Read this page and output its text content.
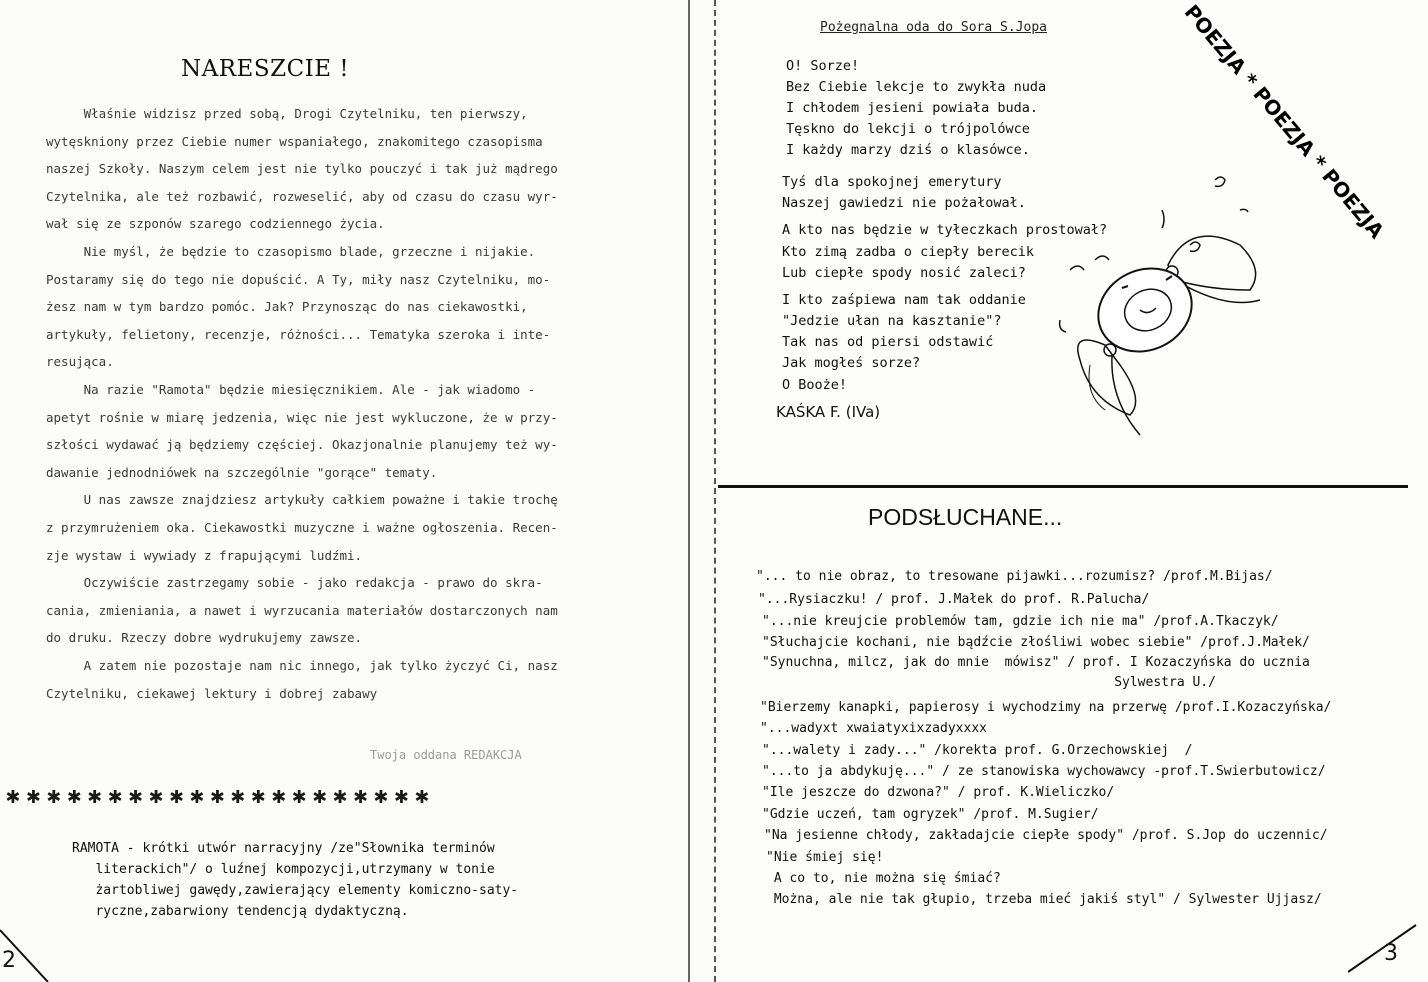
NARESZCIE !
Właśnie widzisz przed sobą, Drogi Czytelniku, ten pierwszy,
wytęskniony przez Ciebie numer wspaniałego, znakomitego czasopisma
naszej Szkoły. Naszym celem jest nie tylko pouczyć i tak już mądrego
Czytelnika, ale też rozbawić, rozweselić, aby od czasu do czasu wyr-
wał się ze szponów szarego codziennego życia.
Nie myśl, że będzie to czasopismo blade, grzeczne i nijakie.
Postaramy się do tego nie dopuścić. A Ty, miły nasz Czytelniku, mo-
żesz nam w tym bardzo pomóc. Jak? Przynosząc do nas ciekawostki,
artykuły, felietony, recenzje, różności... Tematyka szeroka i inte-
resująca.
Na razie "Ramota" będzie miesięcznikiem. Ale - jak wiadomo -
apetyt rośnie w miarę jedzenia, więc nie jest wykluczone, że w przy-
szłości wydawać ją będziemy częściej. Okazjonalnie planujemy też wy-
dawanie jednodniówek na szczególnie "gorące" tematy.
U nas zawsze znajdziesz artykuły całkiem poważne i takie trochę
z przymrużeniem oka. Ciekawostki muzyczne i ważne ogłoszenia. Recen-
zje wystaw i wywiady z frapującymi ludźmi.
Oczywiście zastrzegamy sobie - jako redakcja - prawo do skra-
cania, zmieniania, a nawet i wyrzucania materiałów dostarczonych nam
do druku. Rzeczy dobre wydrukujemy zawsze.
A zatem nie pozostaje nam nic innego, jak tylko życzyć Ci, nasz
Czytelniku, ciekawej lektury i dobrej zabawy
Twoja oddana REDAKCJA
✱✱✱✱✱✱✱✱✱✱✱✱✱✱✱✱✱✱✱✱✱
RAMOTA - krótki utwór narracyjny /ze"Słownika terminów
literackich"/ o luźnej kompozycji,utrzymany w tonie
żartobliwej gawędy,zawierający elementy komiczno-saty-
ryczne,zabarwiony tendencją dydaktyczną.
2
Pożegnalna oda do Sora S.Jopa	POEZJA * POEZJA * POEZJA
O! Sorze!
Bez Ciebie lekcje to zwykła nuda
I chłodem jesieni powiała buda.
Tęskno do lekcji o trójpolówce
I każdy marzy dziś o klasówce.
Tyś dla spokojnej emerytury
Naszej gawiedzi nie pożałował.
A kto nas będzie w tyłeczkach prostował?
Kto zimą zadba o ciepły berecik
Lub ciepłe spody nosić zaleci?
I kto zaśpiewa nam tak oddanie
"Jedzie ułan na kasztanie"?
Tak nas od piersi odstawić
Jak mogłeś sorze?
O Booże!
KAŚKA F. (IVa)
PODSŁUCHANE...
"... to nie obraz, to tresowane pijawki...rozumisz? /prof.M.Bijas/
"...Rysiaczku! / prof. J.Małek do prof. R.Palucha/
"...nie kreujcie problemów tam, gdzie ich nie ma" /prof.A.Tkaczyk/
"Słuchajcie kochani, nie bądźcie złośliwi wobec siebie" /prof.J.Małek/
"Synuchna, milcz, jak do mnie  mówisz" / prof. I Kozaczyńska do ucznia
Sylwestra U./
"Bierzemy kanapki, papierosy i wychodzimy na przerwę /prof.I.Kozaczyńska/
"...wadyxt xwaiatyxixzadyxxxx
"...walety i zady..." /korekta prof. G.Orzechowskiej  /
"...to ja abdykuję..." / ze stanowiska wychowawcy -prof.T.Swierbutowicz/
"Ile jeszcze do dzwona?" / prof. K.Wieliczko/
"Gdzie uczeń, tam ogryzek" /prof. M.Sugier/
"Na jesienne chłody, zakładajcie ciepłe spody" /prof. S.Jop do uczennic/
"Nie śmiej się!
A co to, nie można się śmiać?
Można, ale nie tak głupio, trzeba mieć jakiś styl" / Sylwester Ujjasz/
3
